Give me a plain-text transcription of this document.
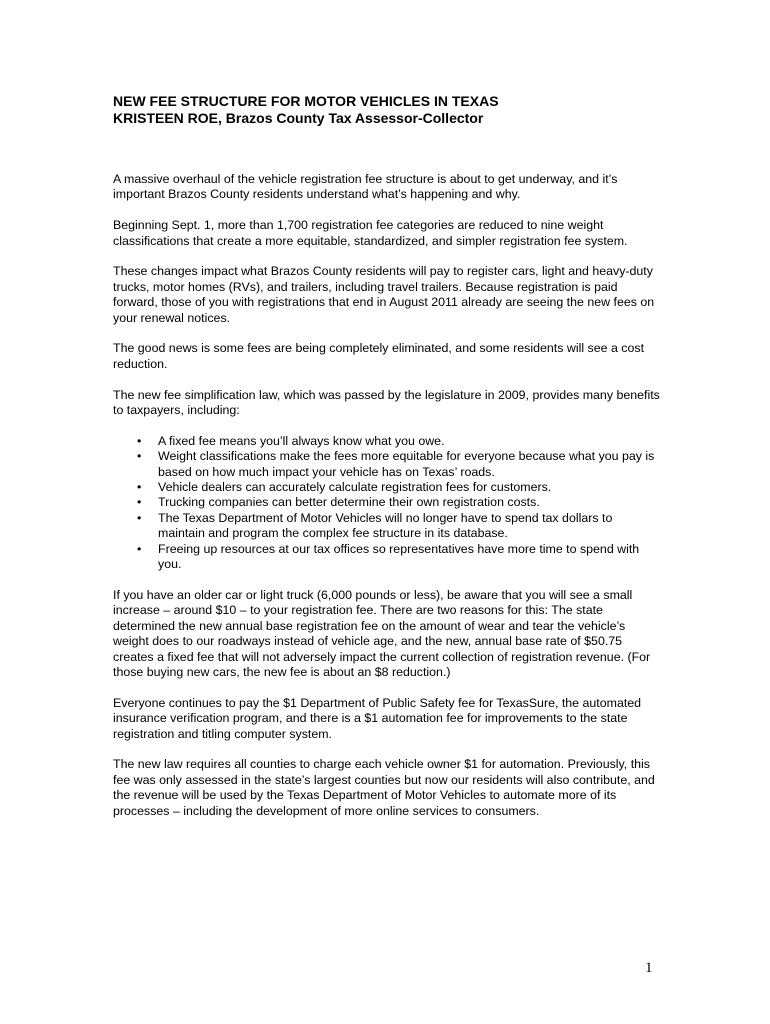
NEW FEE STRUCTURE FOR MOTOR VEHICLES IN TEXAS
KRISTEEN ROE, Brazos County Tax Assessor-Collector

A massive overhaul of the vehicle registration fee structure is about to get underway, and it’s important Brazos County residents understand what’s happening and why.

Beginning Sept. 1, more than 1,700 registration fee categories are reduced to nine weight classifications that create a more equitable, standardized, and simpler registration fee system.

These changes impact what Brazos County residents will pay to register cars, light and heavy-duty trucks, motor homes (RVs), and trailers, including travel trailers. Because registration is paid forward, those of you with registrations that end in August 2011 already are seeing the new fees on your renewal notices.

The good news is some fees are being completely eliminated, and some residents will see a cost reduction.

The new fee simplification law, which was passed by the legislature in 2009, provides many benefits to taxpayers, including:

• A fixed fee means you’ll always know what you owe.
• Weight classifications make the fees more equitable for everyone because what you pay is based on how much impact your vehicle has on Texas’ roads.
• Vehicle dealers can accurately calculate registration fees for customers.
• Trucking companies can better determine their own registration costs.
• The Texas Department of Motor Vehicles will no longer have to spend tax dollars to maintain and program the complex fee structure in its database.
• Freeing up resources at our tax offices so representatives have more time to spend with you.

If you have an older car or light truck (6,000 pounds or less), be aware that you will see a small increase – around $10 – to your registration fee. There are two reasons for this: The state determined the new annual base registration fee on the amount of wear and tear the vehicle’s weight does to our roadways instead of vehicle age, and the new, annual base rate of $50.75 creates a fixed fee that will not adversely impact the current collection of registration revenue. (For those buying new cars, the new fee is about an $8 reduction.)

Everyone continues to pay the $1 Department of Public Safety fee for TexasSure, the automated insurance verification program, and there is a $1 automation fee for improvements to the state registration and titling computer system.

The new law requires all counties to charge each vehicle owner $1 for automation. Previously, this fee was only assessed in the state’s largest counties but now our residents will also contribute, and the revenue will be used by the Texas Department of Motor Vehicles to automate more of its processes – including the development of more online services to consumers.

1
